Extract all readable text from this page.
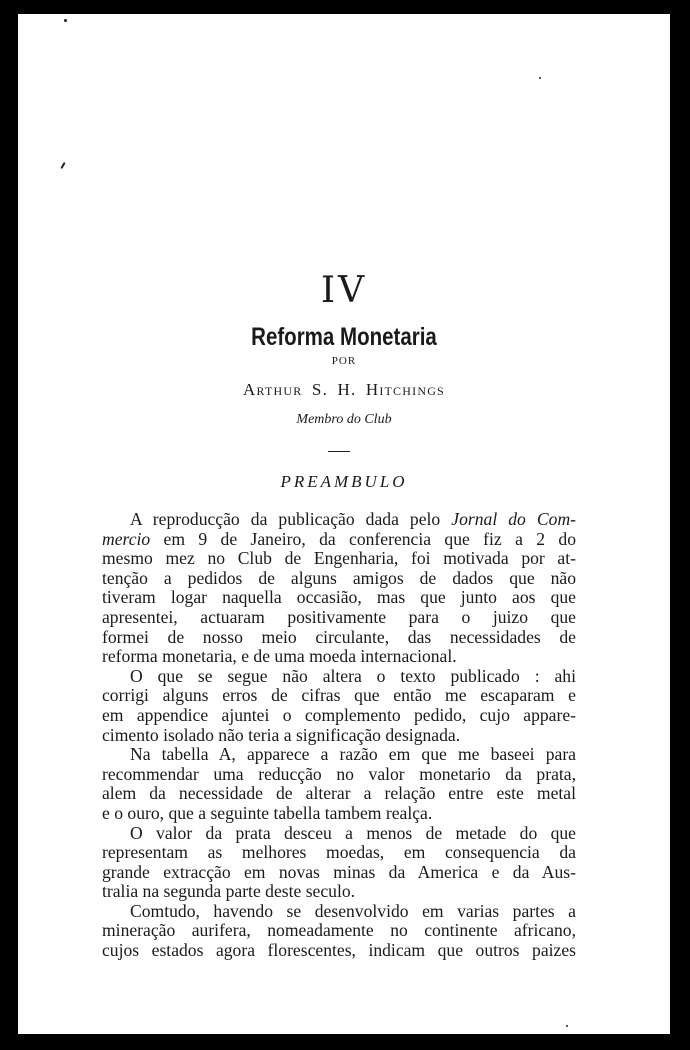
IV
Reforma Monetaria
POR
Arthur S. H. Hitchings
Membro do Club
PREAMBULO
A reproducção da publicação dada pelo Jornal do Com-
mercio em 9 de Janeiro, da conferencia que fiz a 2 do
mesmo mez no Club de Engenharia, foi motivada por at-
tenção a pedidos de alguns amigos de dados que não
tiveram logar naquella occasião, mas que junto aos que
apresentei, actuaram positivamente para o juizo que
formei de nosso meio circulante, das necessidades de
reforma monetaria, e de uma moeda internacional.
O que se segue não altera o texto publicado : ahi
corrigi alguns erros de cifras que então me escaparam e
em appendice ajuntei o complemento pedido, cujo appare-
cimento isolado não teria a significação designada.
Na tabella A, apparece a razão em que me baseei para
recommendar uma reducção no valor monetario da prata,
alem da necessidade de alterar a relação entre este metal
e o ouro, que a seguinte tabella tambem realça.
O valor da prata desceu a menos de metade do que
representam as melhores moedas, em consequencia da
grande extracção em novas minas da America e da Aus-
tralia na segunda parte deste seculo.
Comtudo, havendo se desenvolvido em varias partes a
mineração aurifera, nomeadamente no continente africano,
cujos estados agora florescentes, indicam que outros paizes
